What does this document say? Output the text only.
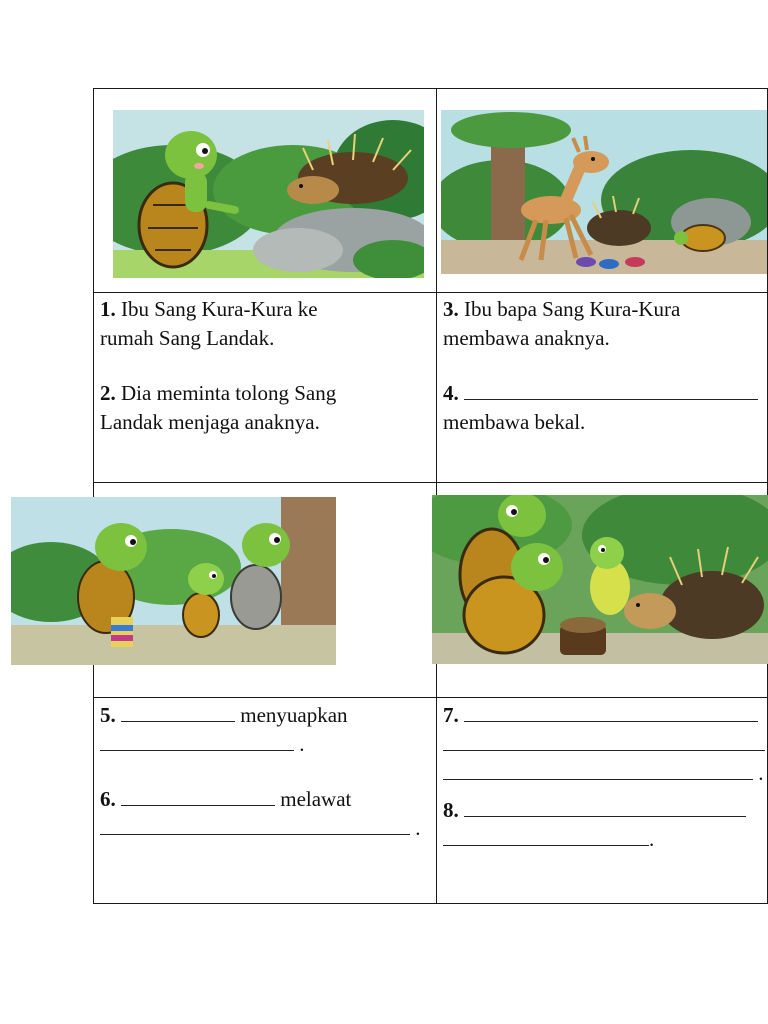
1. Ibu Sang Kura-Kura ke

rumah Sang Landak.

2. Dia meminta tolong Sang

Landak menjaga anaknya.

3. Ibu bapa Sang Kura-Kura

membawa anaknya.

4.

membawa bekal.

5.	menyuapkan

.

6.	melawat

.

7.

.

8.

.
